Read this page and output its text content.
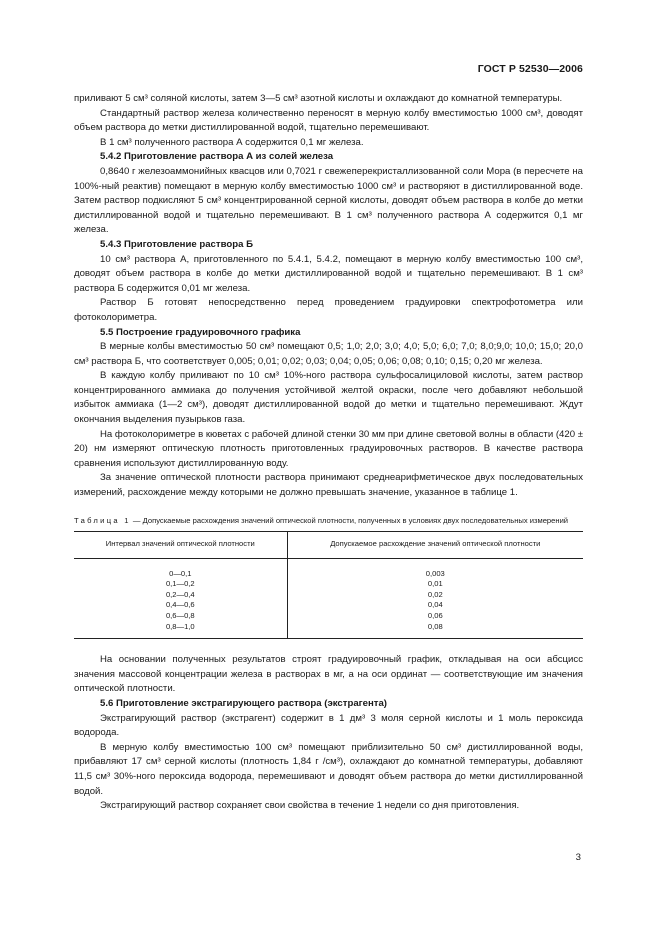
ГОСТ Р 52530—2006

приливают 5 см³ соляной кислоты, затем 3—5 см³ азотной кислоты и охлаждают до комнатной температуры.

Стандартный раствор железа количественно переносят в мерную колбу вместимостью 1000 см³, доводят объем раствора до метки дистиллированной водой, тщательно перемешивают.

В 1 см³ полученного раствора А содержится 0,1 мг железа.

5.4.2 Приготовление раствора А из солей железа

0,8640 г железоаммонийных квасцов или 0,7021 г свежеперекристаллизованной соли Мора (в пересчете на 100%-ный реактив) помещают в мерную колбу вместимостью 1000 см³ и растворяют в дистиллированной воде. Затем раствор подкисляют 5 см³ концентрированной серной кислоты, доводят объем раствора в колбе до метки дистиллированной водой и тщательно перемешивают. В 1 см³ полученного раствора А содержится 0,1 мг железа.

5.4.3 Приготовление раствора Б

10 см³ раствора А, приготовленного по 5.4.1, 5.4.2, помещают в мерную колбу вместимостью 100 см³, доводят объем раствора в колбе до метки дистиллированной водой и тщательно перемешивают. В 1 см³ раствора Б содержится 0,01 мг железа.

Раствор Б готовят непосредственно перед проведением градуировки спектрофотометра или фотоколориметра.

5.5 Построение градуировочного графика

В мерные колбы вместимостью 50 см³ помещают 0,5; 1,0; 2,0; 3,0; 4,0; 5,0; 6,0; 7,0; 8,0;9,0; 10,0; 15,0; 20,0 см³ раствора Б, что соответствует 0,005; 0,01; 0,02; 0,03; 0,04; 0,05; 0,06; 0,08; 0,10; 0,15; 0,20 мг железа.

В каждую колбу приливают по 10 см³ 10%-ного раствора сульфосалициловой кислоты, затем раствор концентрированного аммиака до получения устойчивой желтой окраски, после чего добавляют небольшой избыток аммиака (1—2 см³), доводят дистиллированной водой до метки и тщательно перемешивают. Ждут окончания выделения пузырьков газа.

На фотоколориметре в кюветах с рабочей длиной стенки 30 мм при длине световой волны в области (420 ± 20) нм измеряют оптическую плотность приготовленных градуировочных растворов. В качестве раствора сравнения используют дистиллированную воду.

За значение оптической плотности раствора принимают среднеарифметическое двух последовательных измерений, расхождение между которыми не должно превышать значение, указанное в таблице 1.

Таблица 1 — Допускаемые расхождения значений оптической плотности, полученных в условиях двух последовательных измерений
Интервал значений оптической плотности	Допускаемое расхождение значений оптической плотности
0—0,1	0,003
0,1—0,2	0,01
0,2—0,4	0,02
0,4—0,6	0,04
0,6—0,8	0,06
0,8—1,0	0,08

На основании полученных результатов строят градуировочный график, откладывая на оси абсцисс значения массовой концентрации железа в растворах в мг, а на оси ординат — соответствующие им значения оптической плотности.

5.6 Приготовление экстрагирующего раствора (экстрагента)

Экстрагирующий раствор (экстрагент) содержит в 1 дм³ 3 моля серной кислоты и 1 моль пероксида водорода.

В мерную колбу вместимостью 100 см³ помещают приблизительно 50 см³ дистиллированной воды, прибавляют 17 см³ серной кислоты (плотность 1,84 г /см³), охлаждают до комнатной температуры, добавляют 11,5 см³ 30%-ного пероксида водорода, перемешивают и доводят объем раствора до метки дистиллированной водой.

Экстрагирующий раствор сохраняет свои свойства в течение 1 недели со дня приготовления.

3
